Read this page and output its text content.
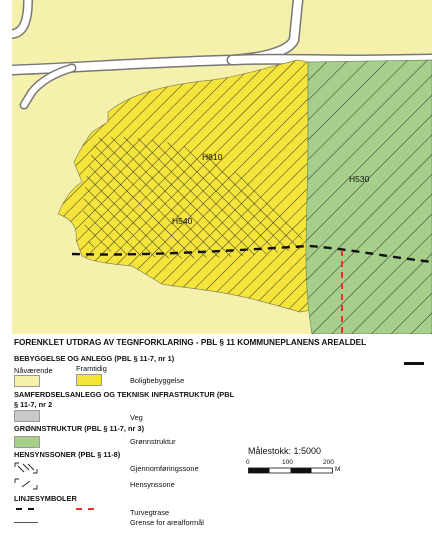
H810
H540
H530
FORENKLET UTDRAG AV TEGNFORKLARING - PBL § 11 KOMMUNEPLANENS AREALDEL
BEBYGGELSE OG ANLEGG (PBL § 11-7, nr 1)
Nåværende	Framtidig
Boligbebyggelse
SAMFERDSELSANLEGG OG TEKNISK INFRASTRUKTUR (PBL
§ 11-7, nr 2
Veg
GRØNNSTRUKTUR (PBL § 11-7, nr 3)
Grønnstruktur
HENSYNSSONER (PBL § 11-8)
Gjennomføringssone
Hensynssone
LINJESYMBOLER
Turvegtrase
Grense for arealformål
Målestokk: 1:5000
0	100	200
M
